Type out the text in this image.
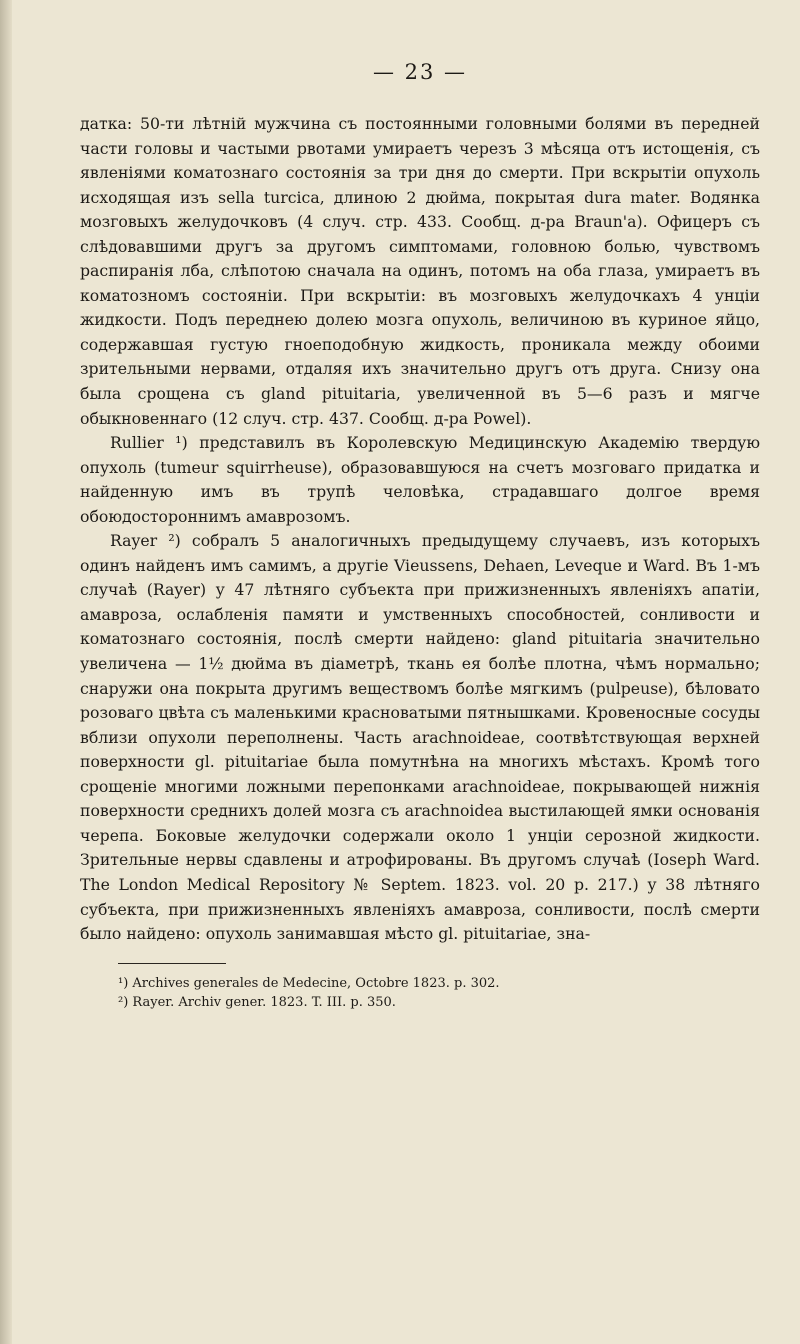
— 23 —

датка: 50-ти лѣтній мужчина съ постоянными головными болями въ передней части головы и частыми рвотами умираетъ черезъ 3 мѣсяца отъ истощенія, съ явленіями коматознаго состоянія за три дня до смерти. При вскрытіи опухоль исходящая изъ sella turcica, длиною 2 дюйма, покрытая dura mater. Водянка мозговыхъ желудочковъ (4 случ. стр. 433. Сообщ. д-ра Braun'a). Офицеръ съ слѣдовавшими другъ за другомъ симптомами, головною болью, чувствомъ распиранія лба, слѣпотою сначала на одинъ, потомъ на оба глаза, умираетъ въ коматозномъ состояніи. При вскрытіи: въ мозговыхъ желудочкахъ 4 унціи жидкости. Подъ переднею долею мозга опухоль, величиною въ куриное яйцо, содержавшая густую гноеподобную жидкость, проникала между обоими зрительными нервами, отдаляя ихъ значительно другъ отъ друга. Снизу она была срощена съ gland pituitaria, увеличенной въ 5—6 разъ и мягче обыкновеннаго (12 случ. стр. 437. Сообщ. д-ра Powel).

Rullier ¹) представилъ въ Королевскую Медицинскую Академію твердую опухоль (tumeur squirrheuse), образовавшуюся на счетъ мозговаго придатка и найденную имъ въ трупѣ человѣка, страдавшаго долгое время обоюдостороннимъ амаврозомъ.

Rayer ²) собралъ 5 аналогичныхъ предыдущему случаевъ, изъ которыхъ одинъ найденъ имъ самимъ, а другіе Vieussens, Dehaen, Leveque и Ward. Въ 1-мъ случаѣ (Rayer) у 47 лѣтняго субъекта при прижизненныхъ явленіяхъ апатіи, амавроза, ослабленія памяти и умственныхъ способностей, сонливости и коматознаго состоянія, послѣ смерти найдено: gland pituitaria значительно увеличена — 1½ дюйма въ діаметрѣ, ткань ея болѣе плотна, чѣмъ нормально; снаружи она покрыта другимъ веществомъ болѣе мягкимъ (pulpeuse), бѣловато розоваго цвѣта съ маленькими красноватыми пятнышками. Кровеносные сосуды вблизи опухоли переполнены. Часть arachnoideae, соотвѣтствующая верхней поверхности gl. pituitariae была помутнѣна на многихъ мѣстахъ. Кромѣ того срощеніе многими ложными перепонками arachnoideae, покрывающей нижнія поверхности среднихъ долей мозга съ arachnoidea выстилающей ямки основанія черепа. Боковые желудочки содержали около 1 унціи серозной жидкости. Зрительные нервы сдавлены и атрофированы. Въ другомъ случаѣ (Ioseph Ward. The London Medical Repository № Septem. 1823. vol. 20 p. 217.) у 38 лѣтняго субъекта, при прижизненныхъ явленіяхъ амавроза, сонливости, послѣ смерти было найдено: опухоль занимавшая мѣсто gl. pituitariae, зна-

¹) Archives generales de Medecine, Octobre 1823. p. 302.

²) Rayer. Archiv gener. 1823. T. III. p. 350.
